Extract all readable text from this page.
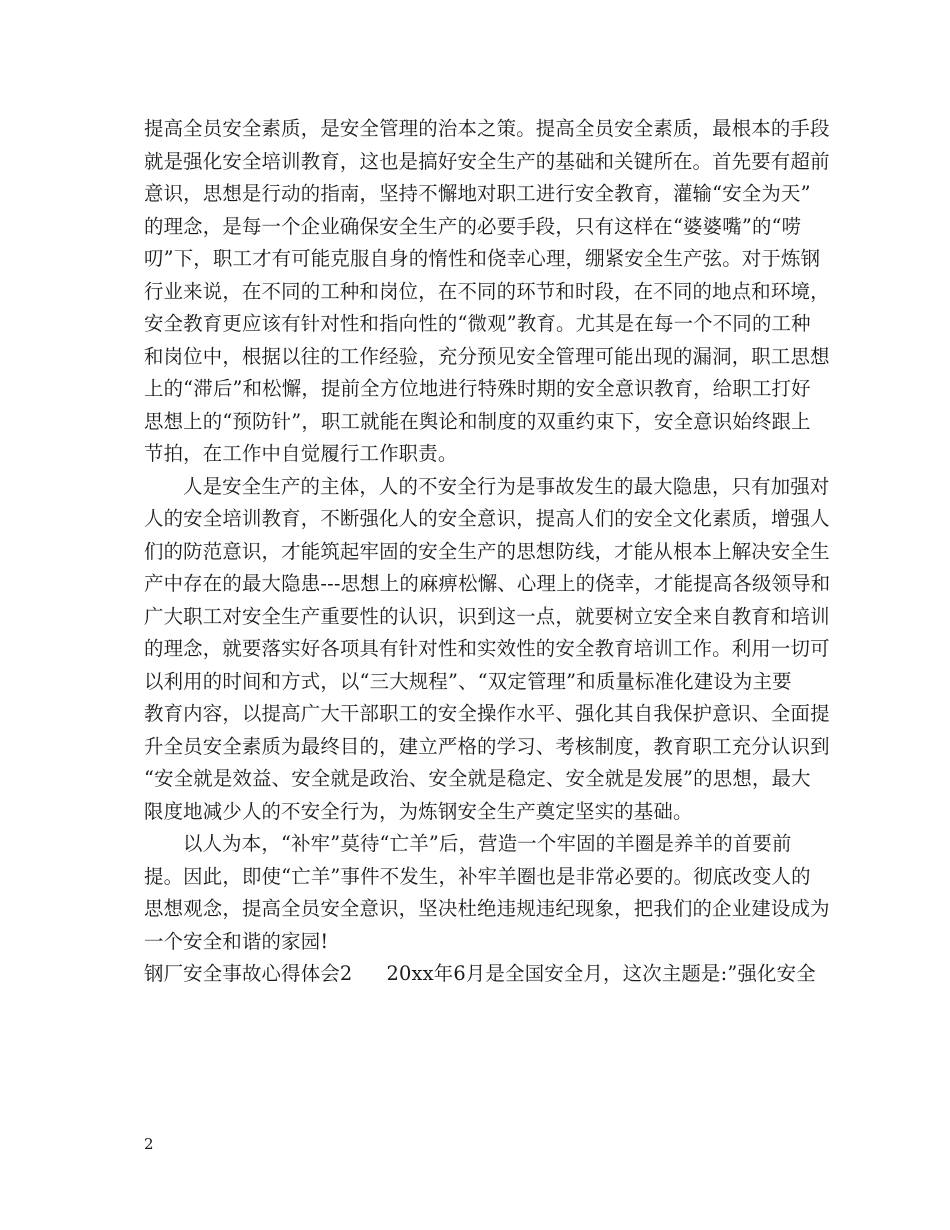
提高全员安全素质，是安全管理的治本之策。提高全员安全素质，最根本的手段
就是强化安全培训教育，这也是搞好安全生产的基础和关键所在。首先要有超前
意识，思想是行动的指南，坚持不懈地对职工进行安全教育，灌输“安全为天”
的理念，是每一个企业确保安全生产的必要手段，只有这样在“婆婆嘴”的“唠
叨”下，职工才有可能克服自身的惰性和侥幸心理，绷紧安全生产弦。对于炼钢
行业来说，在不同的工种和岗位，在不同的环节和时段，在不同的地点和环境，
安全教育更应该有针对性和指向性的“微观”教育。尤其是在每一个不同的工种
和岗位中，根据以往的工作经验，充分预见安全管理可能出现的漏洞，职工思想
上的“滞后”和松懈，提前全方位地进行特殊时期的安全意识教育，给职工打好
思想上的“预防针”，职工就能在舆论和制度的双重约束下，安全意识始终跟上
节拍，在工作中自觉履行工作职责。
人是安全生产的主体，人的不安全行为是事故发生的最大隐患，只有加强对
人的安全培训教育，不断强化人的安全意识，提高人们的安全文化素质，增强人
们的防范意识，才能筑起牢固的安全生产的思想防线，才能从根本上解决安全生
产中存在的最大隐患---思想上的麻痹松懈、心理上的侥幸，才能提高各级领导和
广大职工对安全生产重要性的认识，识到这一点，就要树立安全来自教育和培训
的理念，就要落实好各项具有针对性和实效性的安全教育培训工作。利用一切可
以利用的时间和方式，以“三大规程”、“双定管理”和质量标准化建设为主要
教育内容，以提高广大干部职工的安全操作水平、强化其自我保护意识、全面提
升全员安全素质为最终目的，建立严格的学习、考核制度，教育职工充分认识到
“安全就是效益、安全就是政治、安全就是稳定、安全就是发展”的思想，最大
限度地减少人的不安全行为，为炼钢安全生产奠定坚实的基础。
以人为本，“补牢”莫待“亡羊”后，营造一个牢固的羊圈是养羊的首要前
提。因此，即使“亡羊”事件不发生，补牢羊圈也是非常必要的。彻底改变人的
思想观念，提高全员安全意识，坚决杜绝违规违纪现象，把我们的企业建设成为
一个安全和谐的家园!
钢厂安全事故心得体会2 20xx年6月是全国安全月，这次主题是:”强化安全
2
